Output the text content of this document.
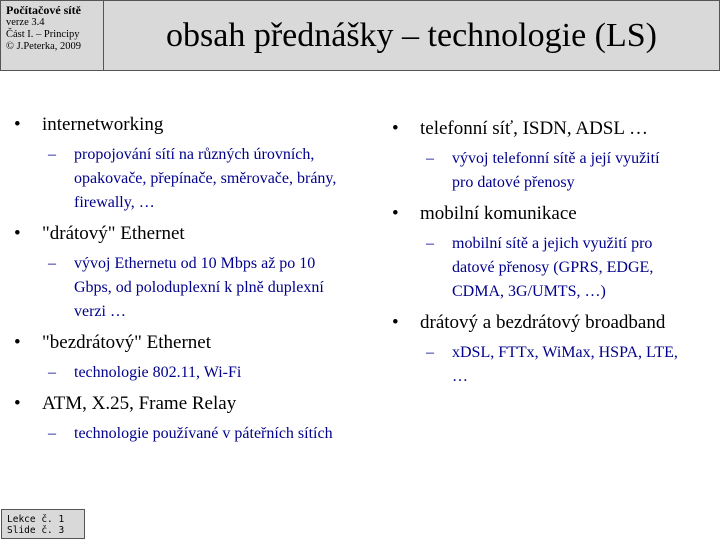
Počítačové sítě
verze 3.4
Část I. – Principy
© J.Peterka, 2009	obsah přednášky – technologie (LS)
•	internetworking
– propojování sítí na různých úrovních,
opakovače, přepínače, směrovače, brány,
firewally, …
•	"drátový" Ethernet
– vývoj Ethernetu od 10 Mbps až po 10
Gbps, od poloduplexní k plně duplexní
verzi …
•	"bezdrátový" Ethernet
– technologie 802.11, Wi-Fi
•	ATM, X.25, Frame Relay
– technologie používané v páteřních sítích
•	telefonní síť, ISDN, ADSL …
– vývoj telefonní sítě a její využití
pro datové přenosy
•	mobilní komunikace
– mobilní sítě a jejich využití pro
datové přenosy (GPRS, EDGE,
CDMA, 3G/UMTS, …)
•	drátový a bezdrátový broadband
– xDSL, FTTx, WiMax, HSPA, LTE,
…
Lekce č. 1
Slide č. 3
